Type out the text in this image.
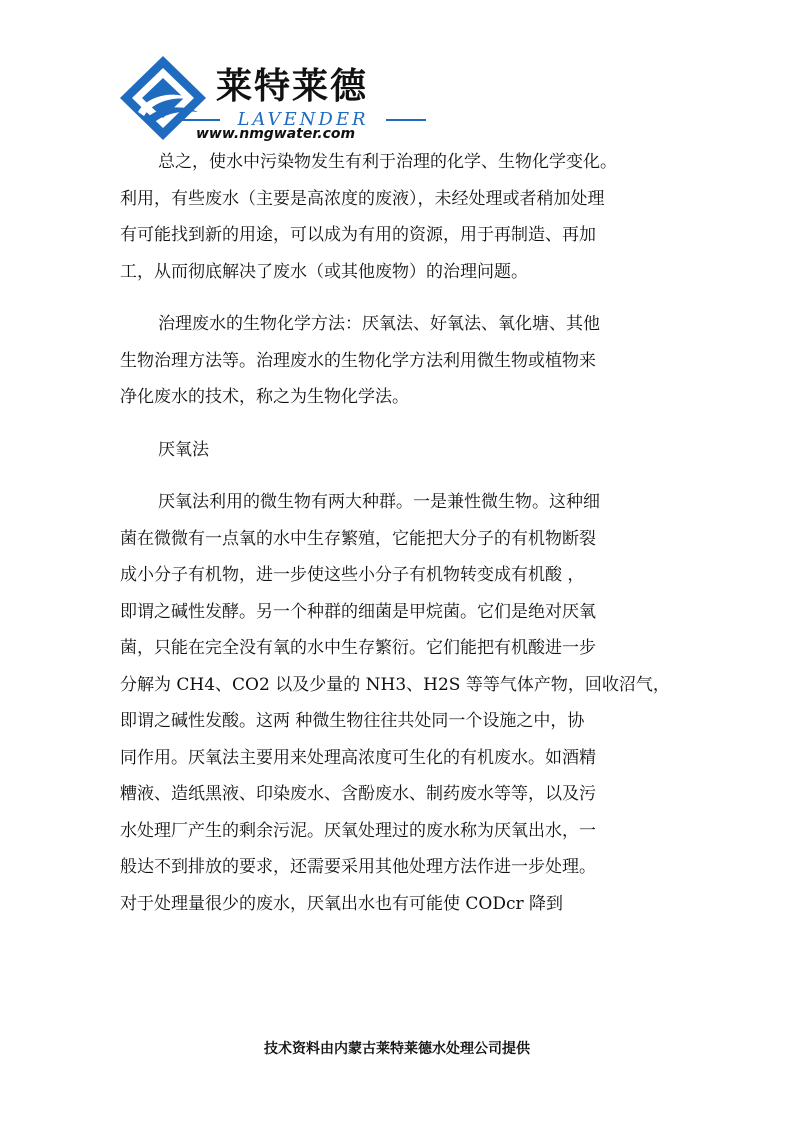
莱特莱德
LAVENDER
www.nmgwater.com
总之，使水中污染物发生有利于治理的化学、生物化学变化。
利用，有些废水（主要是高浓度的废液），未经处理或者稍加处理
有可能找到新的用途，可以成为有用的资源，用于再制造、再加
工，从而彻底解决了废水（或其他废物）的治理问题。
治理废水的生物化学方法：厌氧法、好氧法、氧化塘、其他
生物治理方法等。治理废水的生物化学方法利用微生物或植物来
净化废水的技术，称之为生物化学法。
厌氧法
厌氧法利用的微生物有两大种群。一是兼性微生物。这种细
菌在微微有一点氧的水中生存繁殖，它能把大分子的有机物断裂
成小分子有机物，进一步使这些小分子有机物转变成有机酸 ，
即谓之碱性发酵。另一个种群的细菌是甲烷菌。它们是绝对厌氧
菌，只能在完全没有氧的水中生存繁衍。它们能把有机酸进一步
分解为 CH4、CO2 以及少量的 NH3、H2S 等等气体产物，回收沼气，
即谓之碱性发酸。这两 种微生物往往共处同一个设施之中，协
同作用。厌氧法主要用来处理高浓度可生化的有机废水。如酒精
糟液、造纸黑液、印染废水、含酚废水、制药废水等等，以及污
水处理厂产生的剩余污泥。厌氧处理过的废水称为厌氧出水，一
般达不到排放的要求，还需要采用其他处理方法作进一步处理。
对于处理量很少的废水，厌氧出水也有可能使 CODcr 降到
技术资料由内蒙古莱特莱德水处理公司提供
